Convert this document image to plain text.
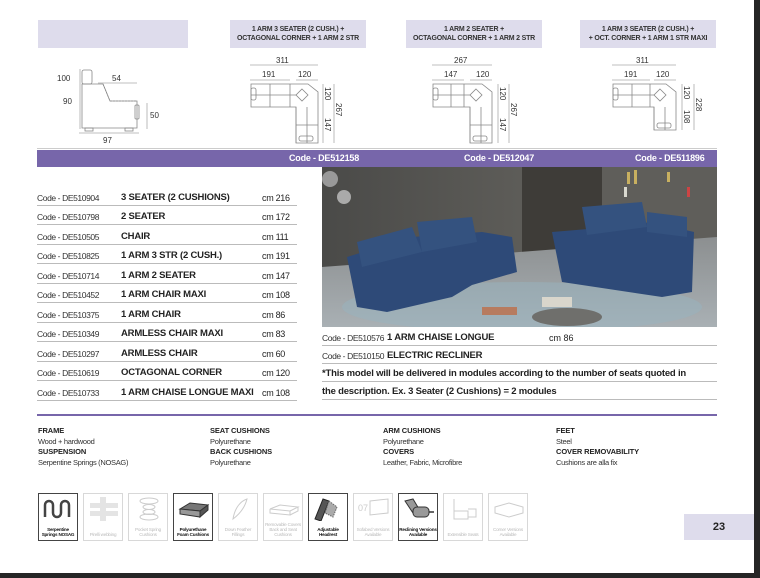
1 ARM 3 SEATER (2 CUSH.) +
OCTAGONAL CORNER + 1 ARM 2 STR
1 ARM 2 SEATER +
OCTAGONAL CORNER + 1 ARM 2 STR
1 ARM 3 SEATER (2 CUSH.) +
+ OCT. CORNER + 1 ARM 1 STR MAXI
100
90
54
50
97
311
191	120
120
147
267
267
147 120
120
147
267
311
191 120
120
108
228
Code - DE512158	Code - DE512047	Code - DE511896
Code - DE510904	3 SEATER (2 CUSHIONS)	cm 216
Code - DE510798	2 SEATER	cm 172
Code - DE510505	CHAIR	cm 111
Code - DE510825	1 ARM 3 STR (2 CUSH.)	cm 191
Code - DE510714	1 ARM 2 SEATER	cm 147
Code - DE510452	1 ARM CHAIR MAXI	cm 108
Code - DE510375	1 ARM CHAIR	cm 86
Code - DE510349	ARMLESS CHAIR MAXI	cm 83
Code - DE510297	ARMLESS CHAIR	cm 60
Code - DE510619	OCTAGONAL CORNER	cm 120
Code - DE510733	1 ARM CHAISE LONGUE MAXI cm 108
Code - DE510576 1 ARM CHAISE LONGUE	cm 86
Code - DE510150 ELECTRIC RECLINER
*This model will be delivered in modules according to the number of seats quoted in
the description. Ex. 3 Seater (2 Cushions) = 2 modules
FRAME
Wood + hardwood
SUSPENSION
Serpentine Springs (NOSAG)
SEAT CUSHIONS
Polyurethane
BACK CUSHIONS
Polyurethane
ARM CUSHIONS
Polyurethane
COVERS
Leather, Fabric, Microfibre
FEET
Steel
COVER REMOVABILITY
Cushions are alla fix
Serpentine Springs NOSAG	Pirelli webbing
Pocket Spring Cushions
Polyurethane Foam Cushions
Down Feather Fillings
Removable Covers Back and Seat Cushions
Adjustable Headrest
07
Sofabed Versions Available
Reclining Versions Available	Extensible Seats
Corner Versions Available
23
